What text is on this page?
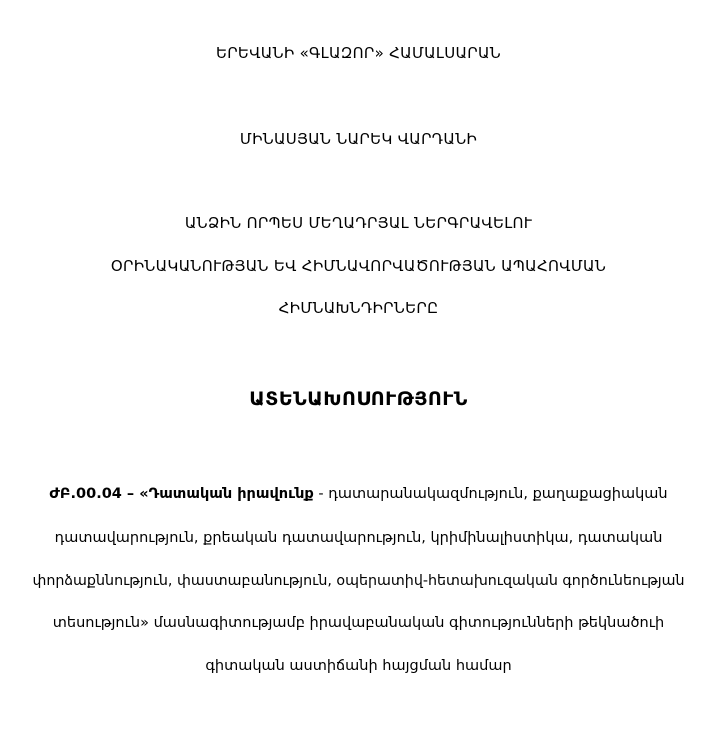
ԵՐԵՎԱՆԻ «ԳԼԱԶՈՐ» ՀԱՄԱԼՍԱՐԱՆ
ՄԻՆԱՍՅԱՆ ՆԱՐԵԿ ՎԱՐԴԱՆԻ
ԱՆՁԻՆ ՈՐՊԵՍ ՄԵՂԱԴՐՅԱԼ ՆԵՐԳՐԱՎԵԼՈՒ
ՕՐԻՆԱԿԱՆՈՒԹՅԱՆ ԵՎ ՀԻՄՆԱՎՈՐՎԱԾՈՒԹՅԱՆ ԱՊԱՀՈՎՄԱՆ
ՀԻՄՆԱԽՆԴԻՐՆԵՐԸ
ԱՏԵՆԱԽՈՍՈՒԹՅՈՒՆ
ԺԲ.00.04 – «Դատական իրավունք - դատարանակազմություն, քաղաքացիական
դատավարություն, քրեական դատավարություն, կրիմինալիստիկա, դատական
փորձաքննություն, փաստաբանություն, օպերատիվ-հետախուզական գործունեության
տեսություն» մասնագիտությամբ իրավաբանական գիտությունների թեկնածուի
գիտական աստիճանի հայցման համար
